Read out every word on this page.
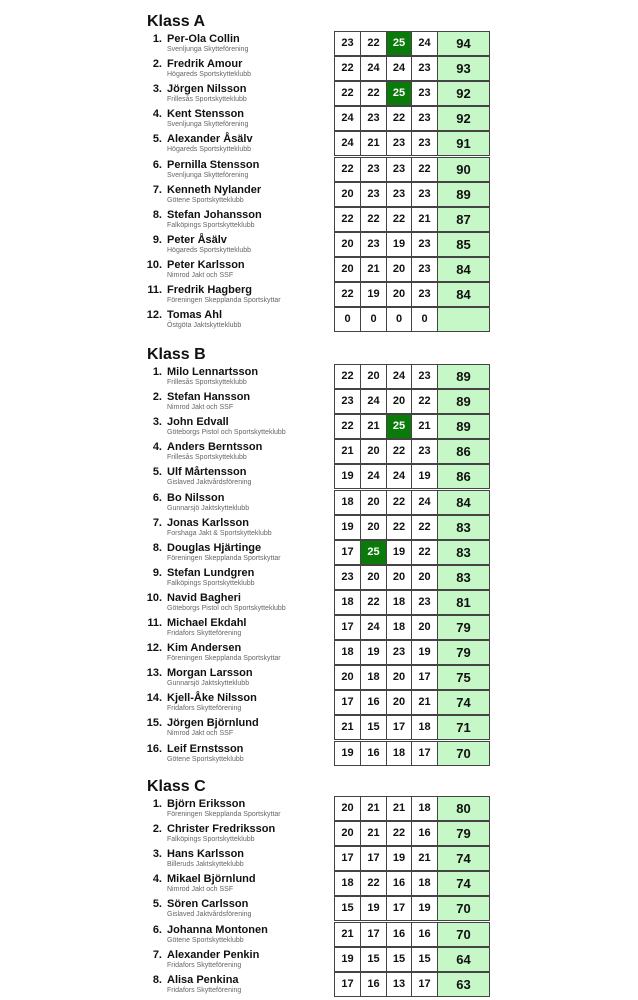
Klass A
1. Per-Ola Collin
Svenljunga Skytteförening
23	22	25	24	94
2. Fredrik Amour
Högareds Sportskytteklubb
22	24	24	23	93
3. Jörgen Nilsson
Frillesås Sportskytteklubb
22	22	25	23	92
4. Kent Stensson
Svenljunga Skytteförening
24	23	22	23	92
5. Alexander Åsälv
Högareds Sportskytteklubb
24	21	23	23	91
6. Pernilla Stensson
Svenljunga Skytteförening
22	23	23	22	90
7. Kenneth Nylander
Götene Sportskytteklubb
20	23	23	23	89
8. Stefan Johansson
Falköpings Sportskytteklubb
22	22	22	21	87
9. Peter Åsälv
Högareds Sportskytteklubb
20	23	19	23	85
10. Peter Karlsson
Nimrod Jakt och SSF
20	21	20	23	84
11. Fredrik Hagberg
Föreningen Skepplanda Sportskyttar
22	19	20	23	84
12. Tomas Ahl
Östgöta Jaktskytteklubb
0	0	0	0
Klass B
1. Milo Lennartsson
Frillesås Sportskytteklubb
22	20	24	23	89
2. Stefan Hansson
Nimrod Jakt och SSF
23	24	20	22	89
3. John Edvall
Göteborgs Pistol och Sportskytteklubb
22	21	25	21	89
4. Anders Berntsson
Frillesås Sportskytteklubb
21	20	22	23	86
5. Ulf Mårtensson
Gislaved Jaktvårdsförening
19	24	24	19	86
6. Bo Nilsson
Gunnarsjö Jaktskytteklubb
18	20	22	24	84
7. Jonas Karlsson
Forshaga Jakt & Sportskytteklubb
19	20	22	22	83
8. Douglas Hjärtinge
Föreningen Skepplanda Sportskyttar
17	25	19	22	83
9. Stefan Lundgren
Falköpings Sportskytteklubb
23	20	20	20	83
10. Navid Bagheri
Göteborgs Pistol och Sportskytteklubb
18	22	18	23	81
11. Michael Ekdahl
Fridafors Skytteförening
17	24	18	20	79
12. Kim Andersen
Föreningen Skepplanda Sportskyttar
18	19	23	19	79
13. Morgan Larsson
Gunnarsjö Jaktskytteklubb
20	18	20	17	75
14. Kjell-Åke Nilsson
Fridafors Skytteförening
17	16	20	21	74
15. Jörgen Björnlund
Nimrod Jakt och SSF
21	15	17	18	71
16. Leif Ernstsson
Götene Sportskytteklubb
19	16	18	17	70
Klass C
1. Björn Eriksson
Föreningen Skepplanda Sportskyttar
20	21	21	18	80
2. Christer Fredriksson
Falköpings Sportskytteklubb
20	21	22	16	79
3. Hans Karlsson
Billeruds Jaktskytteklubb
17	17	19	21	74
4. Mikael Björnlund
Nimrod Jakt och SSF
18	22	16	18	74
5. Sören Carlsson
Gislaved Jaktvårdsförening
15	19	17	19	70
6. Johanna Montonen
Götene Sportskytteklubb
21	17	16	16	70
7. Alexander Penkin
Fridafors Skytteförening
19	15	15	15	64
8. Alisa Penkina
Fridafors Skytteförening
17	16	13	17	63
